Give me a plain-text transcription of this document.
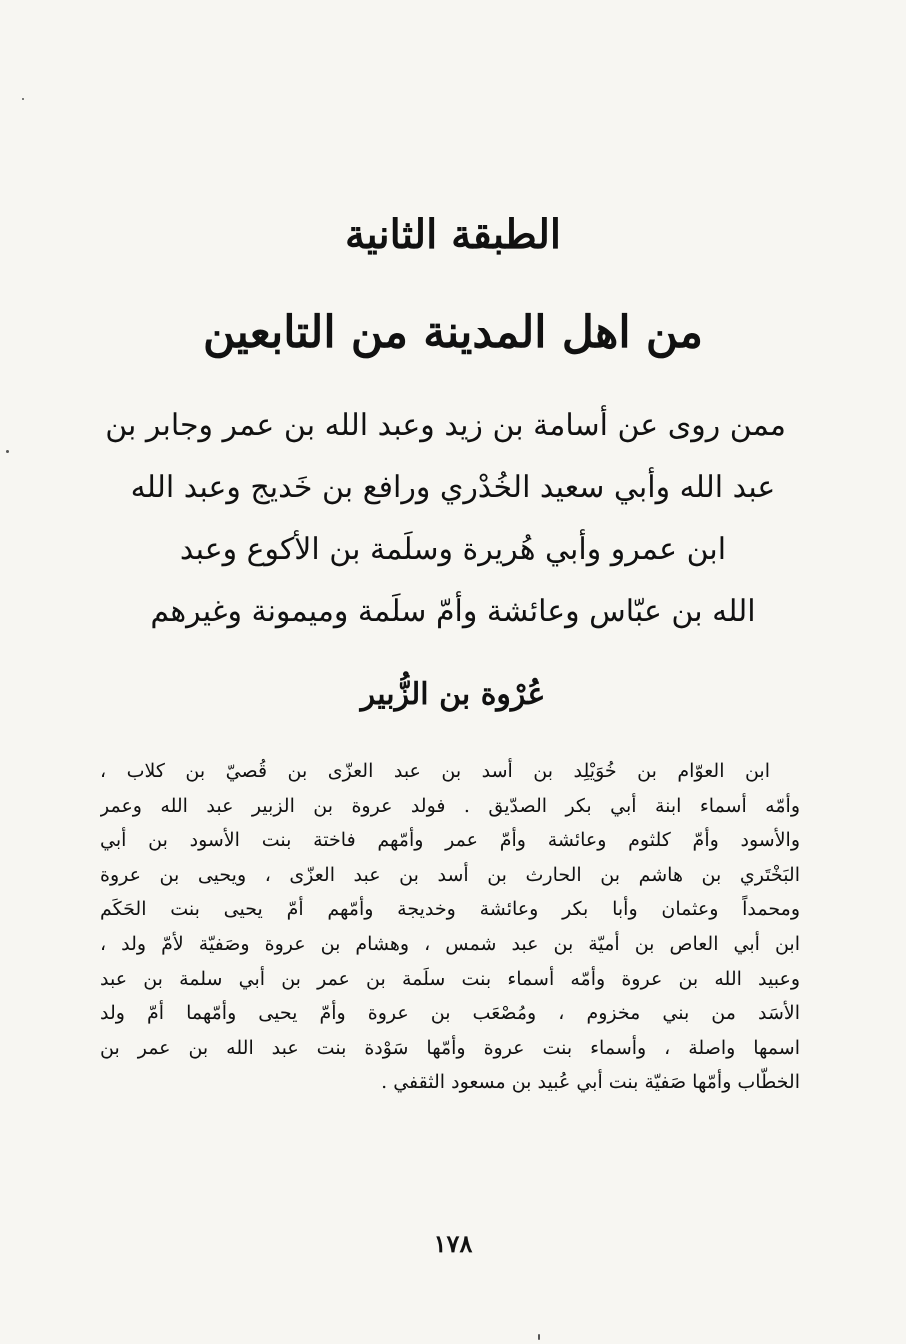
الطبقة الثانية
من اهل المدينة من التابعين

ممن روى عن أسامة بن زيد وعبد الله بن عمر وجابر بن
عبد الله وأبي سعيد الخُدْري ورافع بن خَديج وعبد الله
ابن عمرو وأبي هُريرة وسلَمة بن الأكوع وعبد
الله بن عبّاس وعائشة وأمّ سلَمة وميمونة وغيرهم

عُرْوة بن الزُّبير

ابن العوّام بن خُوَيْلِد بن أسد بن عبد العزّى بن قُصيّ بن كلاب ،
وأمّه أسماء ابنة أبي بكر الصدّيق . فولد عروة بن الزبير عبد الله وعمر
والأسود وأمّ كلثوم وعائشة وأمّ عمر وأمّهم فاختة بنت الأسود بن أبي
البَخْتَري بن هاشم بن الحارث بن أسد بن عبد العزّى ، ويحيى بن عروة
ومحمداً وعثمان وأبا بكر وعائشة وخديجة وأمّهم أمّ يحيى بنت الحَكَم
ابن أبي العاص بن أميّة بن عبد شمس ، وهشام بن عروة وصَفيّة لأمّ ولد ،
وعبيد الله بن عروة وأمّه أسماء بنت سلَمة بن عمر بن أبي سلمة بن عبد
الأسَد من بني مخزوم ، ومُصْعَب بن عروة وأمّ يحيى وأمّهما أمّ ولد
اسمها واصلة ، وأسماء بنت عروة وأمّها سَوْدة بنت عبد الله بن عمر بن
الخطّاب وأمّها صَفيّة بنت أبي عُبيد بن مسعود الثقفي .

١٧٨
